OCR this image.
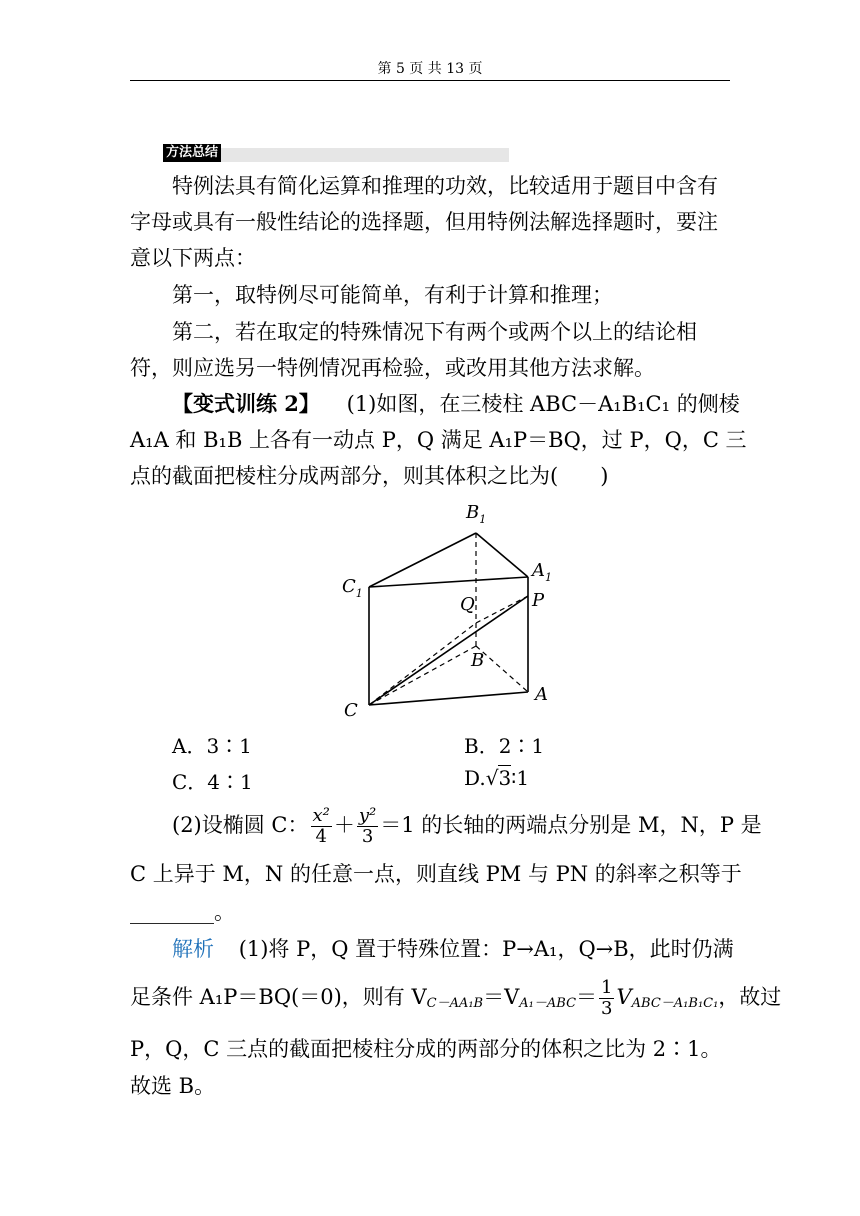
第 5 页 共 13 页
方法总结
特例法具有简化运算和推理的功效，比较适用于题目中含有
字母或具有一般性结论的选择题，但用特例法解选择题时，要注
意以下两点：
第一，取特例尽可能简单，有利于计算和推理；
第二，若在取定的特殊情况下有两个或两个以上的结论相
符，则应选另一特例情况再检验，或改用其他方法求解。
【变式训练 2】 (1)如图，在三棱柱 ABC－A₁B₁C₁ 的侧棱
A₁A 和 B₁B 上各有一动点 P，Q 满足 A₁P＝BQ，过 P，Q，C 三
点的截面把棱柱分成两部分，则其体积之比为(　　)
$B_1$
$A_1$
$C_1$
Q	P
B
A
C
A．3∶1	B．2∶1
C．4∶1	D.√3∶1
(2)设椭圆 C： $\frac{\text{x²}}{4} + \frac{\text{y²}}{3} =1$ 的长轴的两端点分别是 M，N，P 是
C 上异于 M，N 的任意一点，则直线 PM 与 PN 的斜率之积等于
________。
解析 (1)将 P，Q 置于特殊位置：P→A₁，Q→B，此时仍满
足条件 A₁P＝BQ(＝0)，则有 $V_{C-AA_1B}=V_{A_1-ABC}= \frac{1}{3} V_{ABC-A_1B_1C_1}$，故过
P，Q，C 三点的截面把棱柱分成的两部分的体积之比为 2∶1。
故选 B。
